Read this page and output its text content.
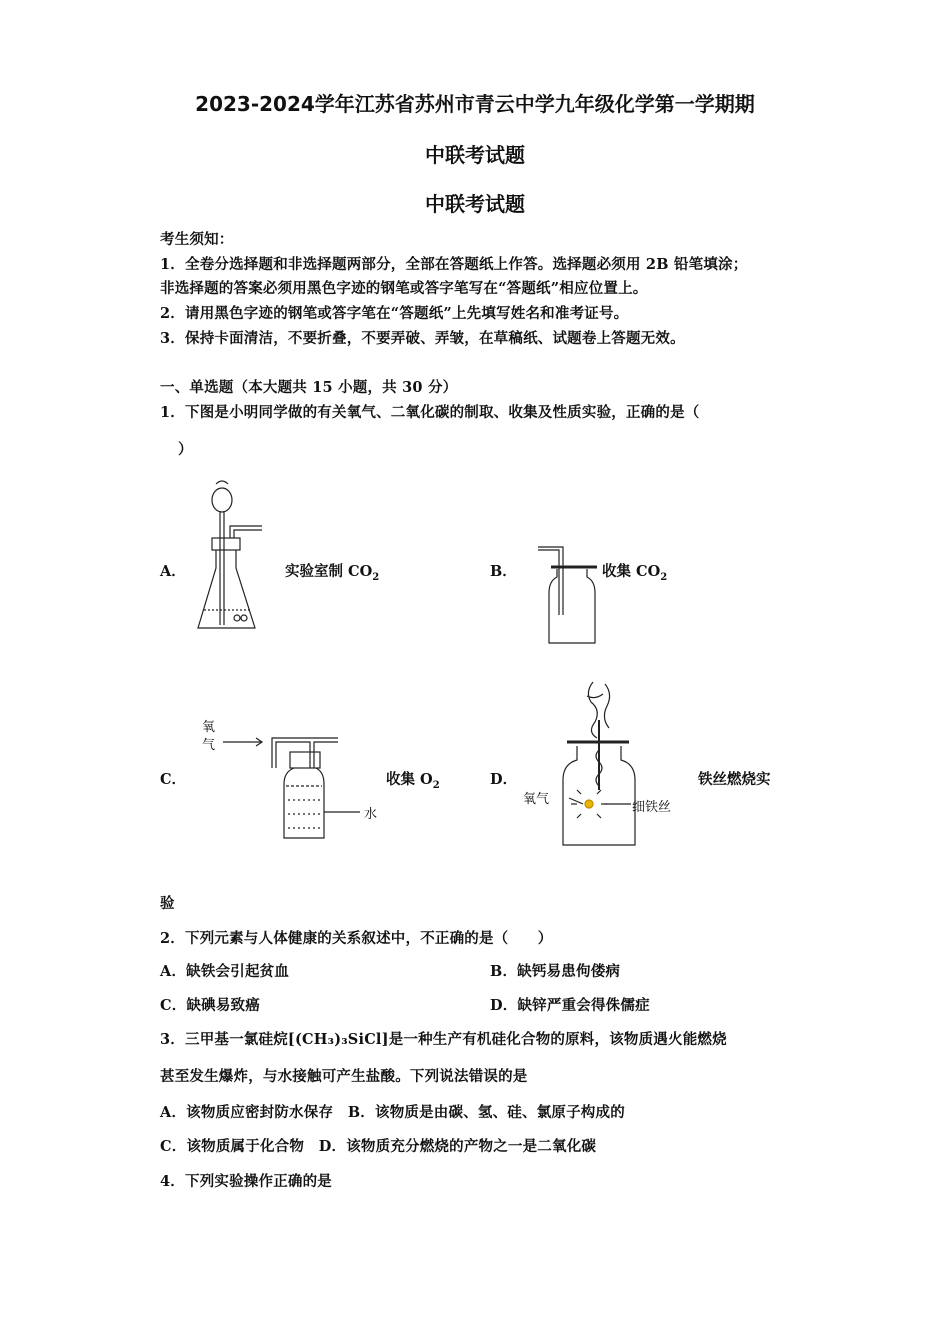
2023-2024学年江苏省苏州市青云中学九年级化学第一学期期
中联考试题
中联考试题
考生须知：
1．全卷分选择题和非选择题两部分，全部在答题纸上作答。选择题必须用 2B 铅笔填涂；
非选择题的答案必须用黑色字迹的钢笔或答字笔写在“答题纸”相应位置上。
2．请用黑色字迹的钢笔或答字笔在“答题纸”上先填写姓名和准考证号。
3．保持卡面清洁，不要折叠，不要弄破、弄皱，在草稿纸、试题卷上答题无效。
一、单选题（本大题共 15 小题，共 30 分）
1．下图是小明同学做的有关氧气、二氧化碳的制取、收集及性质实验，正确的是（
）
A．	B．
C．	D．
实验室制 $CO_2$	收集 $CO_2$
收集 $O_2$	铁丝燃烧实
验
氧
气
水
氧气
细铁丝
2．下列元素与人体健康的关系叙述中，不正确的是（　　）
A．缺铁会引起贫血	B．缺钙易患佝偻病
C．缺碘易致癌	D．缺锌严重会得侏儒症
3．三甲基一氯硅烷[(CH₃)₃SiCl]是一种生产有机硅化合物的原料，该物质遇火能燃烧
甚至发生爆炸，与水接触可产生盐酸。下列说法错误的是
A．该物质应密封防水保存　B．该物质是由碳、氢、硅、氯原子构成的
C．该物质属于化合物　D．该物质充分燃烧的产物之一是二氧化碳
4．下列实验操作正确的是
